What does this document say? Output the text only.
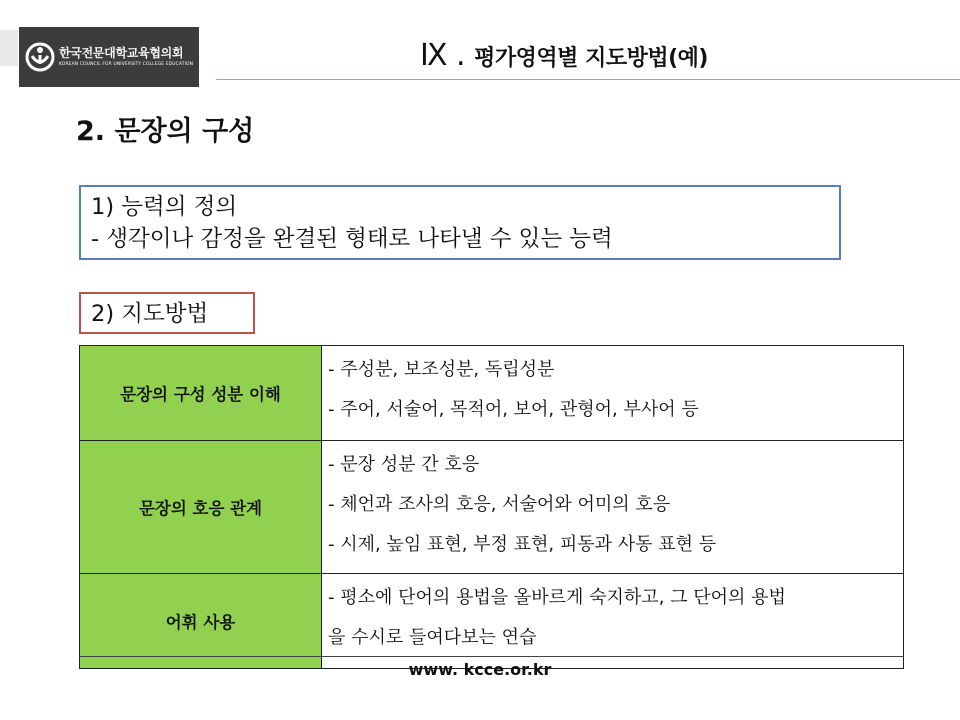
한국전문대학교육협의회
KOREAN COUNCIL FOR UNIVERSITY COLLEGE EDUCATION	Ⅸ . 평가영역별 지도방법(예)
2. 문장의 구성
1) 능력의 정의
- 생각이나 감정을 완결된 형태로 나타낼 수 있는 능력
2) 지도방법
문장의 구성 성분 이해	- 주성분, 보조성분, 독립성분
- 주어, 서술어, 목적어, 보어, 관형어, 부사어 등

문장의 호응 관계	- 문장 성분 간 호응
- 체언과 조사의 호응, 서술어와 어미의 호응
- 시제, 높임 표현, 부정 표현, 피동과 사동 표현 등

어휘 사용	- 평소에 단어의 용법을 올바르게 숙지하고, 그 단어의 용법
을 수시로 들여다보는 연습
www. kcce.or.kr
